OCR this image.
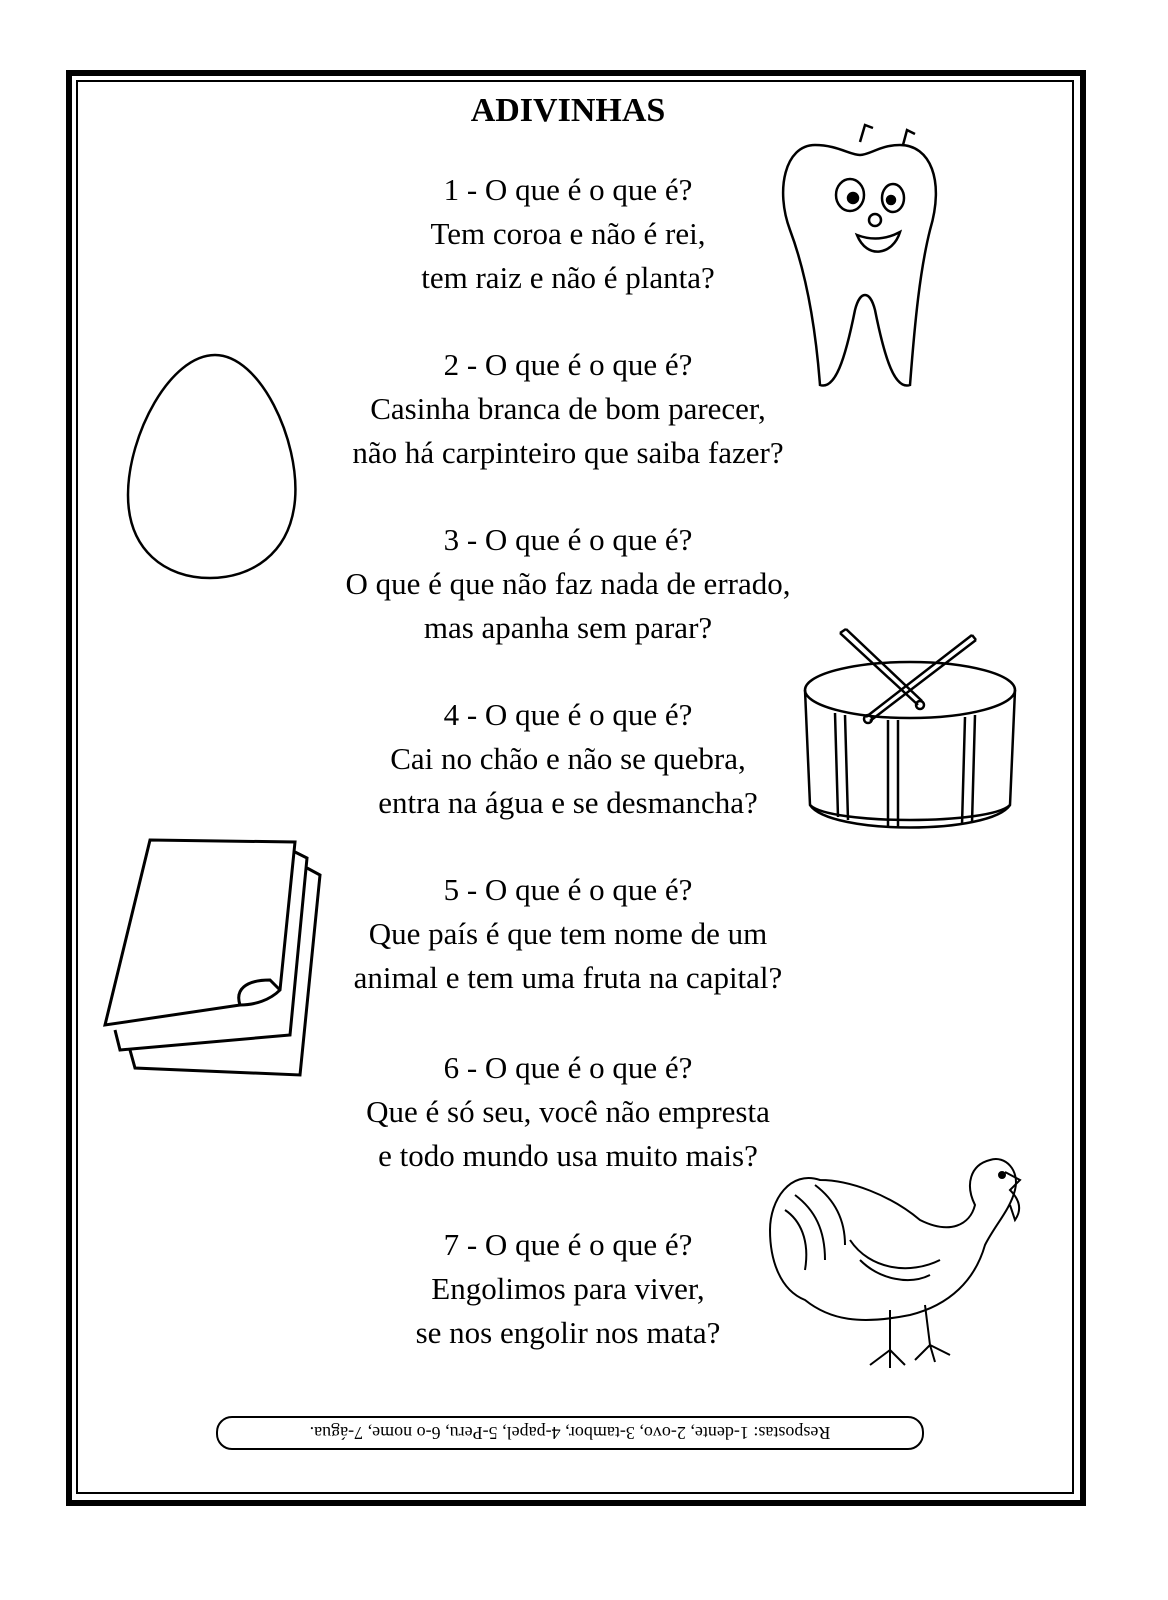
ADIVINHAS
1 - O que é o que é?
Tem coroa e não é rei,
tem raiz e não é planta?
2 - O que é o que é?
Casinha branca de bom parecer,
não há carpinteiro que saiba fazer?
3 - O que é o que é?
O que é que não faz nada de errado,
mas apanha sem parar?
4 - O que é o que é?
Cai no chão e não se quebra,
entra na água e se desmancha?
5 - O que é o que é?
Que país é que tem nome de um
animal e tem uma fruta na capital?
6 - O que é o que é?
Que é só seu, você não empresta
e todo mundo usa muito mais?
7 - O que é o que é?
Engolimos para viver,
se nos engolir nos mata?
Respostas: 1-dente, 2-ovo, 3-tambor, 4-papel, 5-Peru, 6-o nome, 7-água.
